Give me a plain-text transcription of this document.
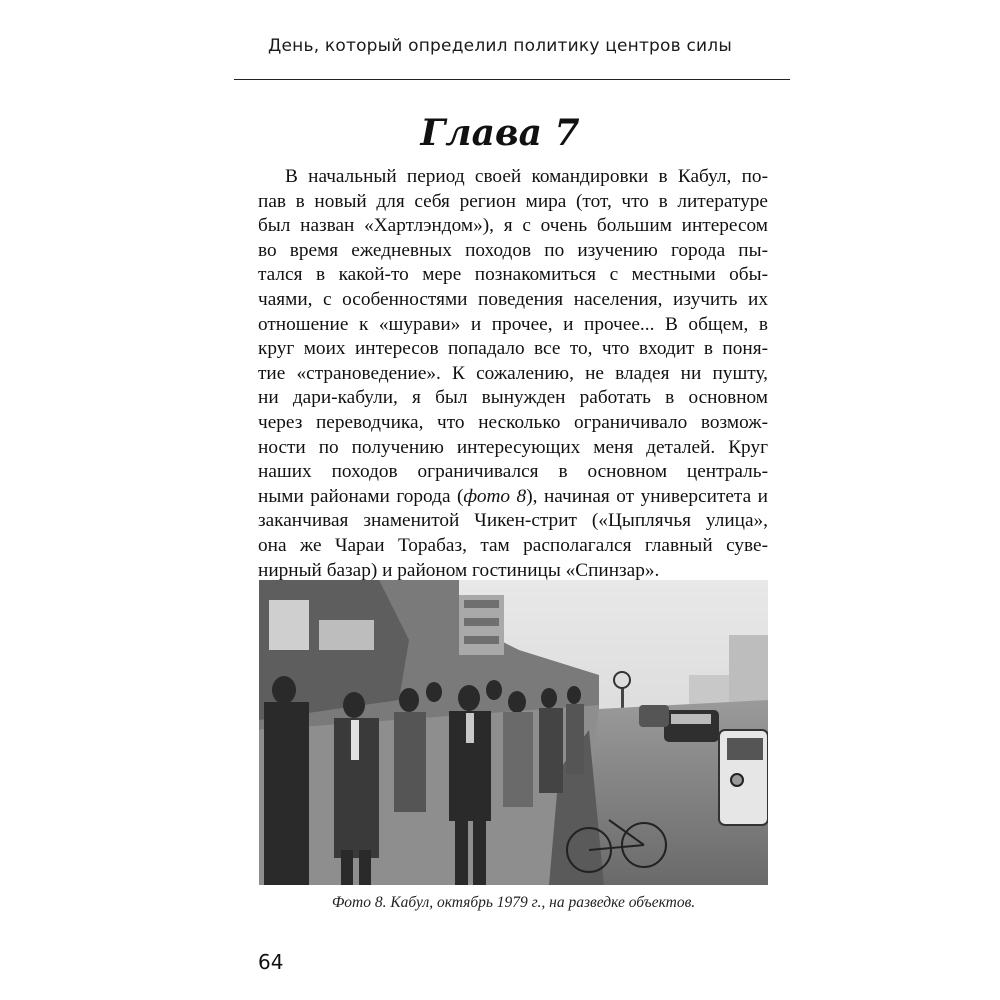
День, который определил политику центров силы
Глава 7
В начальный период своей командировки в Кабул, по-
пав в новый для себя регион мира (тот, что в литературе
был назван «Хартлэндом»), я с очень большим интересом
во время ежедневных походов по изучению города пы-
тался в какой-то мере познакомиться с местными обы-
чаями, с особенностями поведения населения, изучить их
отношение к «шурави» и прочее, и прочее... В общем, в
круг моих интересов попадало все то, что входит в поня-
тие «страноведение». К сожалению, не владея ни пушту,
ни дари-кабули, я был вынужден работать в основном
через переводчика, что несколько ограничивало возмож-
ности по получению интересующих меня деталей. Круг
наших походов ограничивался в основном централь-
ными районами города (фото 8), начиная от университета и
заканчивая знаменитой Чикен-стрит («Цыплячья улица»,
она же Чараи Торабаз, там располагался главный суве-
нирный базар) и районом гостиницы «Спинзар».
Фото 8. Кабул, октябрь 1979 г., на разведке объектов.
64
